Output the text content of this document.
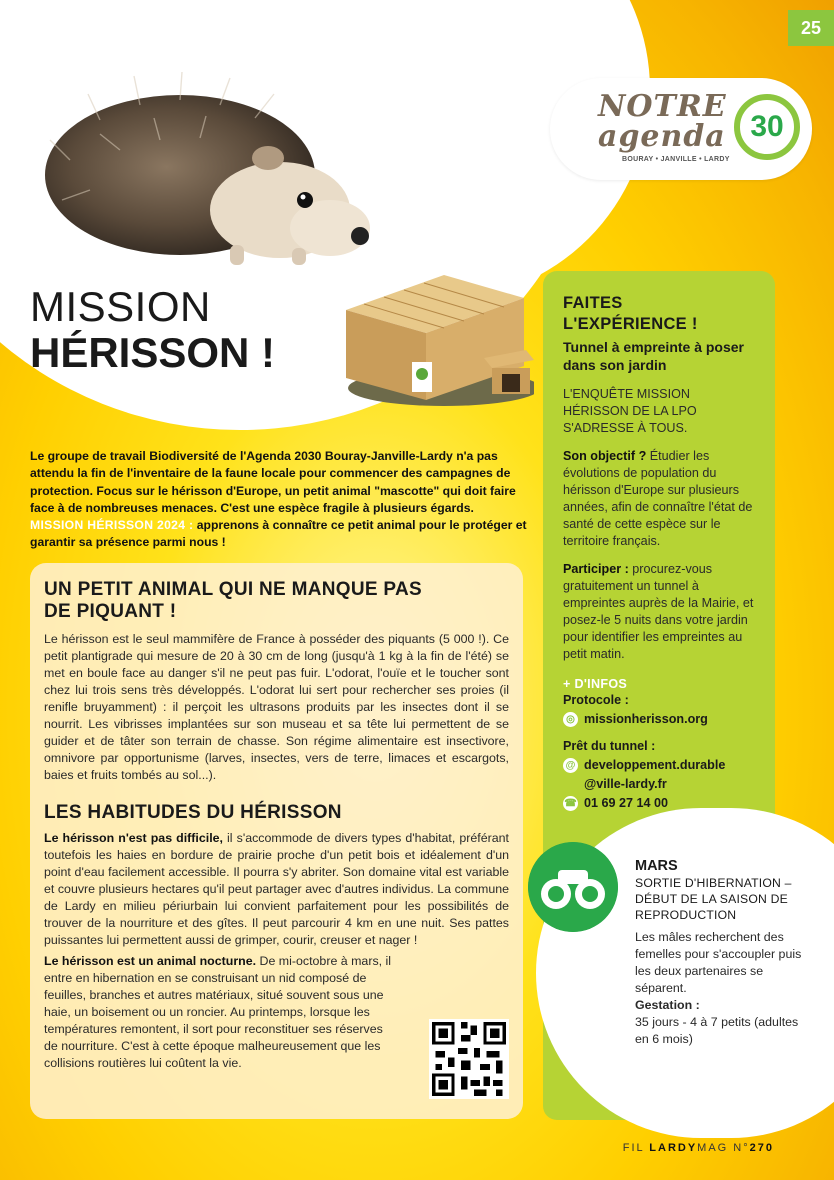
25
NOTRE
agenda
BOURAY • JANVILLE • LARDY
30
MISSION
HÉRISSON !
Le groupe de travail Biodiversité de l'Agenda 2030 Bouray-Janville-Lardy n'a pas attendu la fin de l'inventaire de la faune locale pour commencer des campagnes de protection. Focus sur le hérisson d'Europe, un petit animal "mascotte" qui doit faire face à de nombreuses menaces. C'est une espèce fragile à plusieurs égards. MISSION HÉRISSON 2024 : apprenons à connaître ce petit animal pour le protéger et garantir sa présence parmi nous !
UN PETIT ANIMAL QUI NE MANQUE PAS DE PIQUANT !

Le hérisson est le seul mammifère de France à posséder des piquants (5 000 !). Ce petit plantigrade qui mesure de 20 à 30 cm de long (jusqu'à 1 kg à la fin de l'été) se met en boule face au danger s'il ne peut pas fuir. L'odorat, l'ouïe et le toucher sont chez lui trois sens très développés. L'odorat lui sert pour rechercher ses proies (il renifle bruyamment) : il perçoit les ultrasons produits par les insectes dont il se nourrit. Les vibrisses implantées sur son museau et sa tête lui permettent de se guider et de tâter son terrain de chasse. Son régime alimentaire est insectivore, omnivore par opportunisme (larves, insectes, vers de terre, limaces et escargots, baies et fruits tombés au sol...).

LES HABITUDES DU HÉRISSON

Le hérisson n'est pas difficile, il s'accommode de divers types d'habitat, préférant toutefois les haies en bordure de prairie proche d'un petit bois et idéalement d'un point d'eau facilement accessible. Il pourra s'y abriter. Son domaine vital est variable et couvre plusieurs hectares qu'il peut partager avec d'autres individus. La commune de Lardy en milieu périurbain lui convient parfaitement pour les possibilités de trouver de la nourriture et des gîtes. Il peut parcourir 4 km en une nuit. Ses pattes puissantes lui permettent aussi de grimper, courir, creuser et nager !

Le hérisson est un animal nocturne. De mi-octobre à mars, il entre en hibernation en se construisant un nid composé de feuilles, branches et autres matériaux, situé souvent sous une haie, un boisement ou un roncier. Au printemps, lorsque les températures remontent, il sort pour reconstituer ses réserves de nourriture. C'est à cette époque malheureusement que les collisions routières lui coûtent la vie.

FAITES
L'EXPÉRIENCE !
Tunnel à empreinte à poser dans son jardin

L'ENQUÊTE MISSION HÉRISSON DE LA LPO S'ADRESSE À TOUS.

Son objectif ? Étudier les évolutions de population du hérisson d'Europe sur plusieurs années, afin de connaître l'état de santé de cette espèce sur le territoire français.

Participer : procurez-vous gratuitement un tunnel à empreintes auprès de la Mairie, et posez-le 5 nuits dans votre jardin pour identifier les empreintes au petit matin.

+ D'INFOS
Protocole :
◎ missionherisson.org
Prêt du tunnel :
@ developpement.durable
@ville-lardy.fr
☎ 01 69 27 14 00
MARS
SORTIE D'HIBERNATION – DÉBUT DE LA SAISON DE REPRODUCTION
Les mâles recherchent des femelles pour s'accoupler puis les deux partenaires se séparent.
Gestation :
35 jours - 4 à 7 petits (adultes en 6 mois)
FIL LARDYMAG N°270
